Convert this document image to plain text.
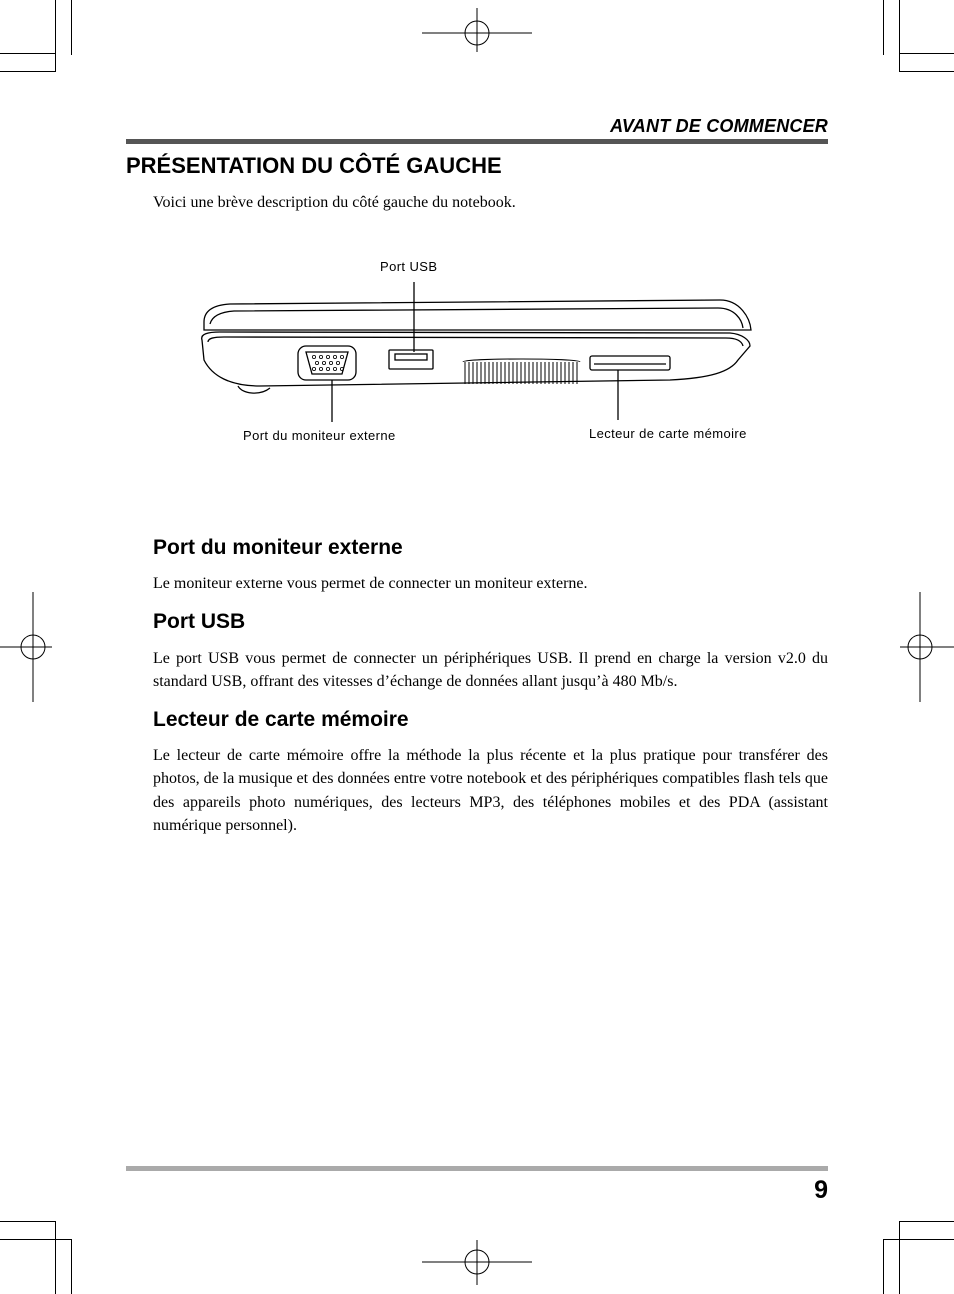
AVANT DE COMMENCER
PRÉSENTATION DU CÔTÉ GAUCHE
Voici une brève description du côté gauche du notebook.
Port USB
Port du moniteur externe	Lecteur de carte mémoire
Port du moniteur externe
Le moniteur externe vous permet de connecter un moniteur externe.
Port USB
Le port USB vous permet de connecter un périphériques USB. Il prend en charge la version v2.0 du standard USB, offrant des vitesses d’échange de données allant jusqu’à 480 Mb/s.
Lecteur de carte mémoire
Le lecteur de carte mémoire offre la méthode la plus récente et la plus pratique pour transférer des photos, de la musique et des données entre votre notebook et des périphériques compatibles flash tels que des appareils photo numériques, des lecteurs MP3, des téléphones mobiles et des PDA (assistant numérique personnel).
9
